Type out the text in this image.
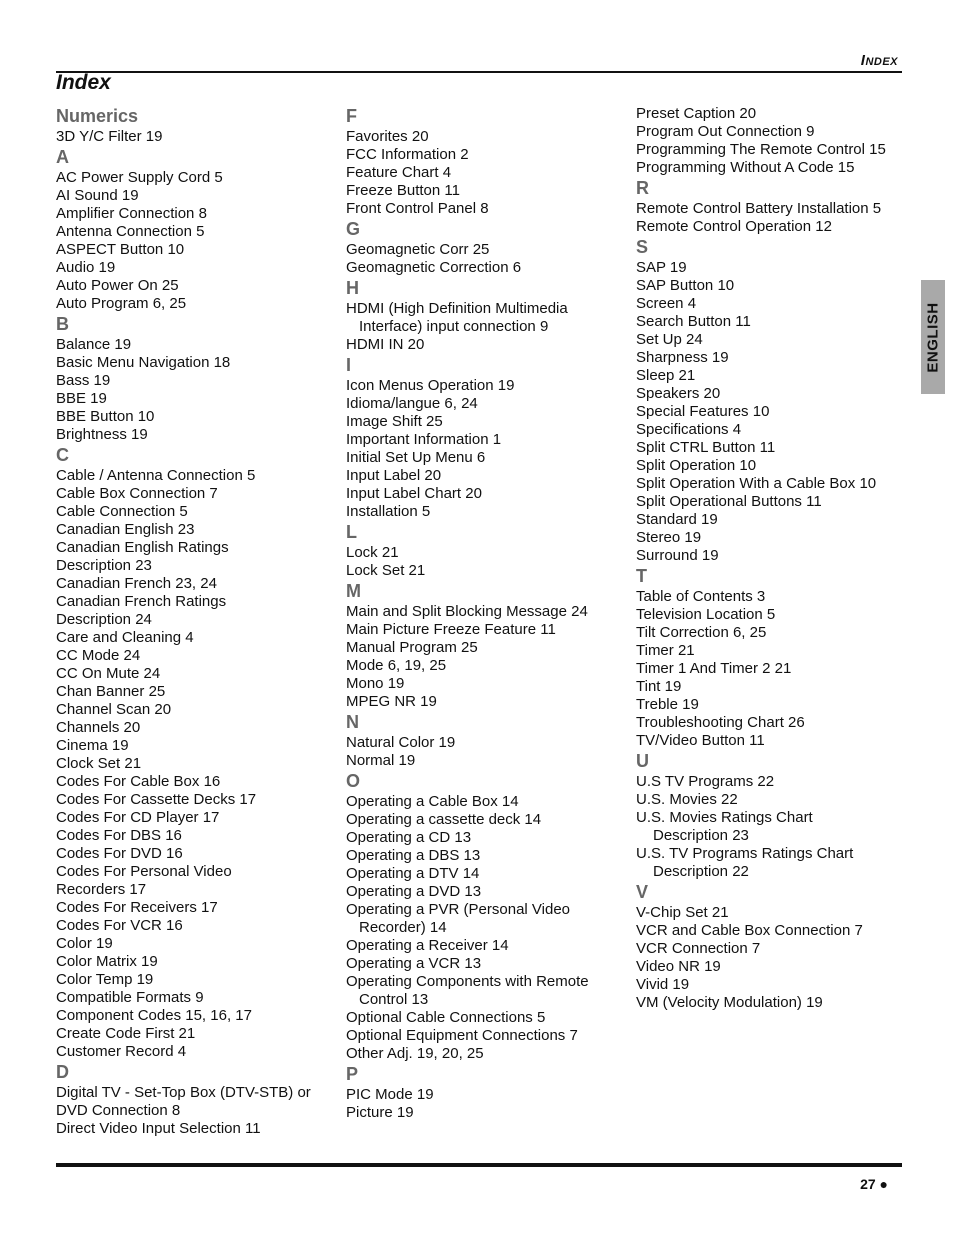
INDEX
Index
Numerics
3D Y/C Filter 19
A
AC Power Supply Cord 5
AI Sound 19
Amplifier Connection 8
Antenna Connection 5
ASPECT Button 10
Audio 19
Auto Power On 25
Auto Program 6, 25
B
Balance 19
Basic Menu Navigation 18
Bass 19
BBE 19
BBE Button 10
Brightness 19
C
Cable / Antenna Connection 5
Cable Box Connection 7
Cable Connection 5
Canadian English 23
Canadian English Ratings
Description 23
Canadian French 23, 24
Canadian French Ratings
Description 24
Care and Cleaning 4
CC Mode 24
CC On Mute 24
Chan Banner 25
Channel Scan 20
Channels 20
Cinema 19
Clock Set 21
Codes For Cable Box 16
Codes For Cassette Decks 17
Codes For CD Player 17
Codes For DBS 16
Codes For DVD 16
Codes For Personal Video
Recorders 17
Codes For Receivers 17
Codes For VCR 16
Color 19
Color Matrix 19
Color Temp 19
Compatible Formats 9
Component Codes 15, 16, 17
Create Code First 21
Customer Record 4
D
Digital TV - Set-Top Box (DTV-STB) or
DVD Connection 8
Direct Video Input Selection 11
F
Favorites 20
FCC Information 2
Feature Chart 4
Freeze Button 11
Front Control Panel 8
G
Geomagnetic Corr 25
Geomagnetic Correction 6
H
HDMI (High Definition Multimedia
Interface) input connection 9
HDMI IN 20
I
Icon Menus Operation 19
Idioma/langue 6, 24
Image Shift 25
Important Information 1
Initial Set Up Menu 6
Input Label 20
Input Label Chart 20
Installation 5
L
Lock 21
Lock Set 21
M
Main and Split Blocking Message 24
Main Picture Freeze Feature 11
Manual Program 25
Mode 6, 19, 25
Mono 19
MPEG NR 19
N
Natural Color 19
Normal 19
O
Operating a Cable Box 14
Operating a cassette deck 14
Operating a CD 13
Operating a DBS 13
Operating a DTV 14
Operating a DVD 13
Operating a PVR (Personal Video
Recorder) 14
Operating a Receiver 14
Operating a VCR 13
Operating Components with Remote
Control 13
Optional Cable Connections 5
Optional Equipment Connections 7
Other Adj. 19, 20, 25
P
PIC Mode 19
Picture 19
Preset Caption 20
Program Out Connection 9
Programming The Remote Control 15
Programming Without A Code 15
R
Remote Control Battery Installation 5
Remote Control Operation 12
S
SAP 19
SAP Button 10
Screen 4
Search Button 11
Set Up 24
Sharpness 19
Sleep 21
Speakers 20
Special Features 10
Specifications 4
Split CTRL Button 11
Split Operation 10
Split Operation With a Cable Box 10
Split Operational Buttons 11
Standard 19
Stereo 19
Surround 19
T
Table of Contents 3
Television Location 5
Tilt Correction 6, 25
Timer 21
Timer 1 And Timer 2 21
Tint 19
Treble 19
Troubleshooting Chart 26
TV/Video Button 11
U
U.S TV Programs 22
U.S. Movies 22
U.S. Movies Ratings Chart
Description 23
U.S. TV Programs Ratings Chart
Description 22
V
V-Chip Set 21
VCR and Cable Box Connection 7
VCR Connection 7
Video NR 19
Vivid 19
VM (Velocity Modulation) 19
ENGLISH
27 ●
